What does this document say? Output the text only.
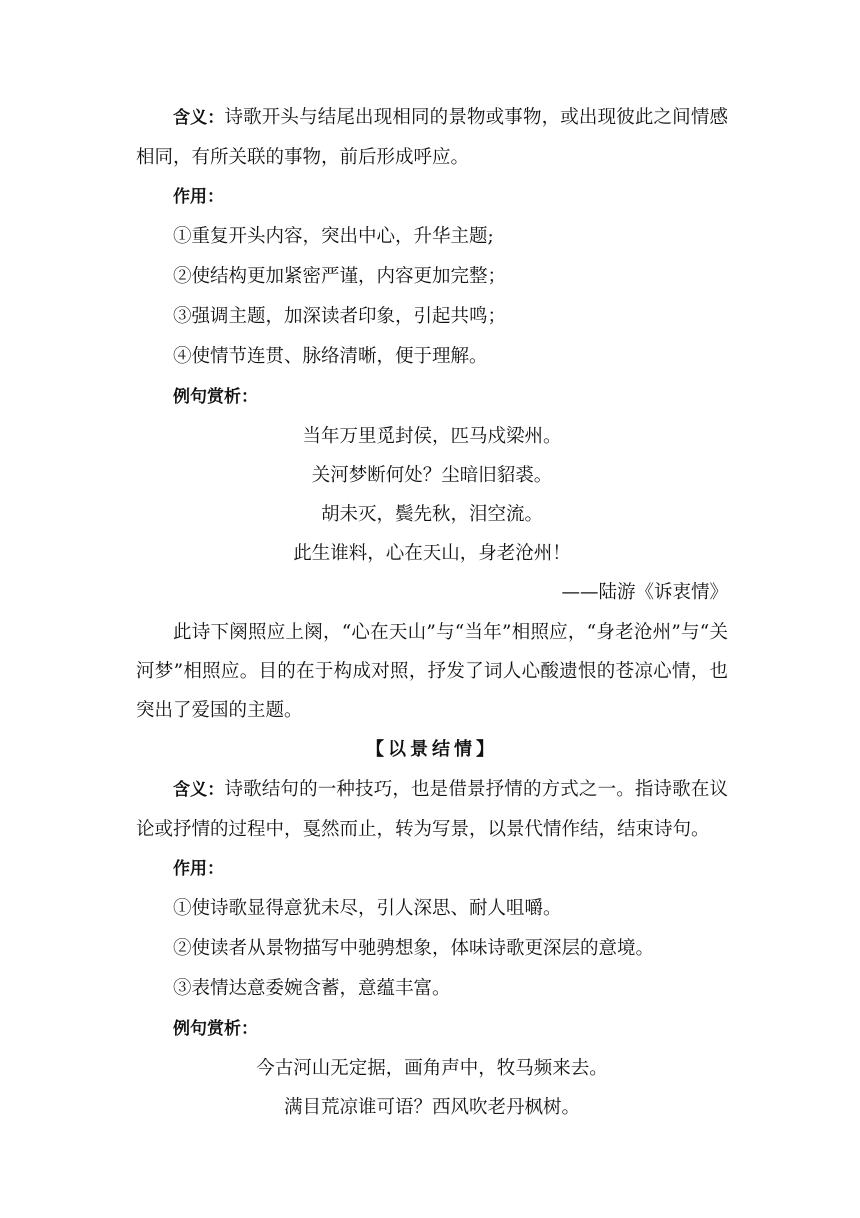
含义：诗歌开头与结尾出现相同的景物或事物，或出现彼此之间情感相同，有所关联的事物，前后形成呼应。

作用：
①重复开头内容，突出中心，升华主题;
②使结构更加紧密严谨，内容更加完整；
③强调主题，加深读者印象，引起共鸣；
④使情节连贯、脉络清晰，便于理解。
例句赏析：
当年万里觅封侯，匹马戍梁州。
关河梦断何处？尘暗旧貂裘。
胡未灭，鬓先秋，泪空流。
此生谁料，心在天山，身老沧州！
——陆游《诉衷情》

此诗下阕照应上阕，“心在天山”与“当年”相照应，“身老沧州”与“关河梦”相照应。目的在于构成对照，抒发了词人心酸遗恨的苍凉心情，也突出了爱国的主题。

【以景结情】

含义：诗歌结句的一种技巧，也是借景抒情的方式之一。指诗歌在议论或抒情的过程中，戛然而止，转为写景，以景代情作结，结束诗句。

作用：
①使诗歌显得意犹未尽，引人深思、耐人咀嚼。
②使读者从景物描写中驰骋想象，体味诗歌更深层的意境。
③表情达意委婉含蓄，意蕴丰富。
例句赏析：
今古河山无定据，画角声中，牧马频来去。
满目荒凉谁可语？西风吹老丹枫树。
